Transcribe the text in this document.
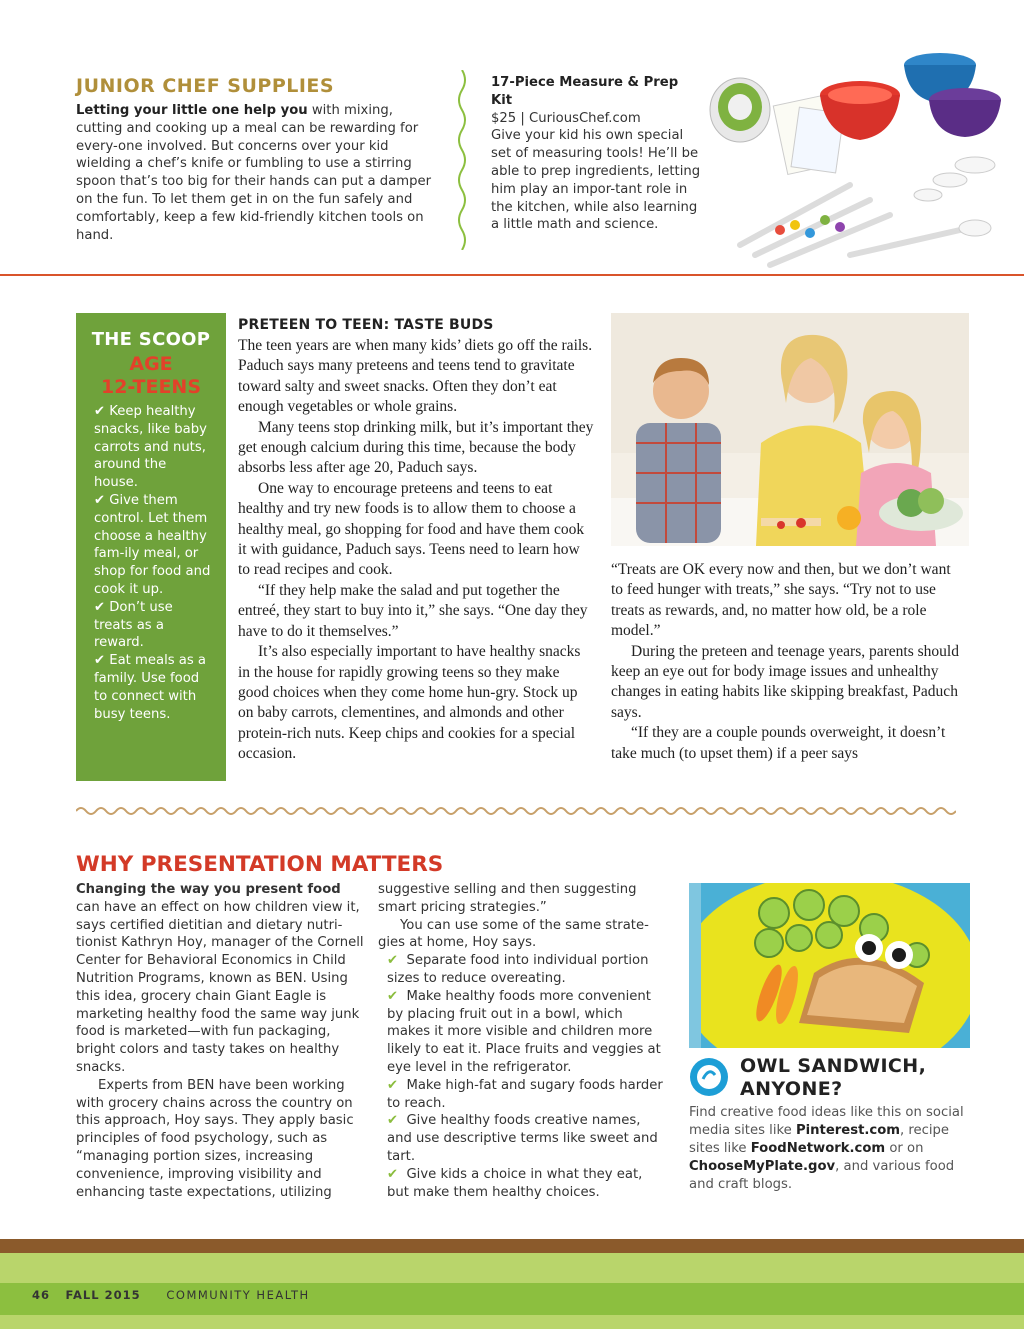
JUNIOR CHEF SUPPLIES
Letting your little one help you with mixing, cutting and cooking up a meal can be rewarding for every-one involved. But concerns over your kid wielding a chef’s knife or fumbling to use a stirring spoon that’s too big for their hands can put a damper on the fun. To let them get in on the fun safely and comfortably, keep a few kid-friendly kitchen tools on hand.
17-Piece Measure & Prep Kit
$25 | CuriousChef.com
Give your kid his own special set of measuring tools! He’ll be able to prep ingredients, letting him play an impor-tant role in the kitchen, while also learning a little math and science.
THE SCOOP
AGE
12-TEENS
✔ Keep healthy snacks, like baby carrots and nuts, around the house.
✔ Give them control. Let them choose a healthy fam-ily meal, or shop for food and cook it up.
✔ Don’t use treats as a reward.
✔ Eat meals as a family. Use food to connect with busy teens.
PRETEEN TO TEEN: TASTE BUDS

The teen years are when many kids’ diets go off the rails. Paduch says many preteens and teens tend to gravitate toward salty and sweet snacks. Often they don’t eat enough vegetables or whole grains.

Many teens stop drinking milk, but it’s important they get enough calcium during this time, because the body absorbs less after age 20, Paduch says.

One way to encourage preteens and teens to eat healthy and try new foods is to allow them to choose a healthy meal, go shopping for food and have them cook it with guidance, Paduch says. Teens need to learn how to read recipes and cook.

“If they help make the salad and put together the entreé, they start to buy into it,” she says. “One day they have to do it themselves.”

It’s also especially important to have healthy snacks in the house for rapidly growing teens so they make good choices when they come home hun-gry. Stock up on baby carrots, clementines, and almonds and other protein-rich nuts. Keep chips and cookies for a special occasion.

“Treats are OK every now and then, but we don’t want to feed hunger with treats,” she says. “Try not to use treats as rewards, and, no matter how old, be a role model.”

During the preteen and teenage years, parents should keep an eye out for body image issues and unhealthy changes in eating habits like skipping breakfast, Paduch says.

“If they are a couple pounds overweight, it doesn’t take much (to upset them) if a peer says

WHY PRESENTATION MATTERS

Changing the way you present food can have an effect on how children view it, says certified dietitian and dietary nutri-tionist Kathryn Hoy, manager of the Cornell Center for Behavioral Economics in Child Nutrition Programs, known as BEN. Using this idea, grocery chain Giant Eagle is marketing healthy food the same way junk food is marketed—with fun packaging, bright colors and tasty takes on healthy snacks.

Experts from BEN have been working with grocery chains across the country on this approach, Hoy says. They apply basic principles of food psychology, such as “managing portion sizes, increasing convenience, improving visibility and enhancing taste expectations, utilizing

suggestive selling and then suggesting smart pricing strategies.”

You can use some of the same strate-gies at home, Hoy says.

✔ Separate food into individual portion sizes to reduce overeating.

✔ Make healthy foods more convenient by placing fruit out in a bowl, which makes it more visible and children more likely to eat it. Place fruits and veggies at eye level in the refrigerator.

✔ Make high-fat and sugary foods harder to reach.

✔ Give healthy foods creative names, and use descriptive terms like sweet and tart.

✔ Give kids a choice in what they eat, but make them healthy choices.

OWL SANDWICH, ANYONE?
Find creative food ideas like this on social media sites like Pinterest.com, recipe sites like FoodNetwork.com or on ChooseMyPlate.gov, and various food and craft blogs.
46 FALL 2015 COMMUNITY HEALTH
